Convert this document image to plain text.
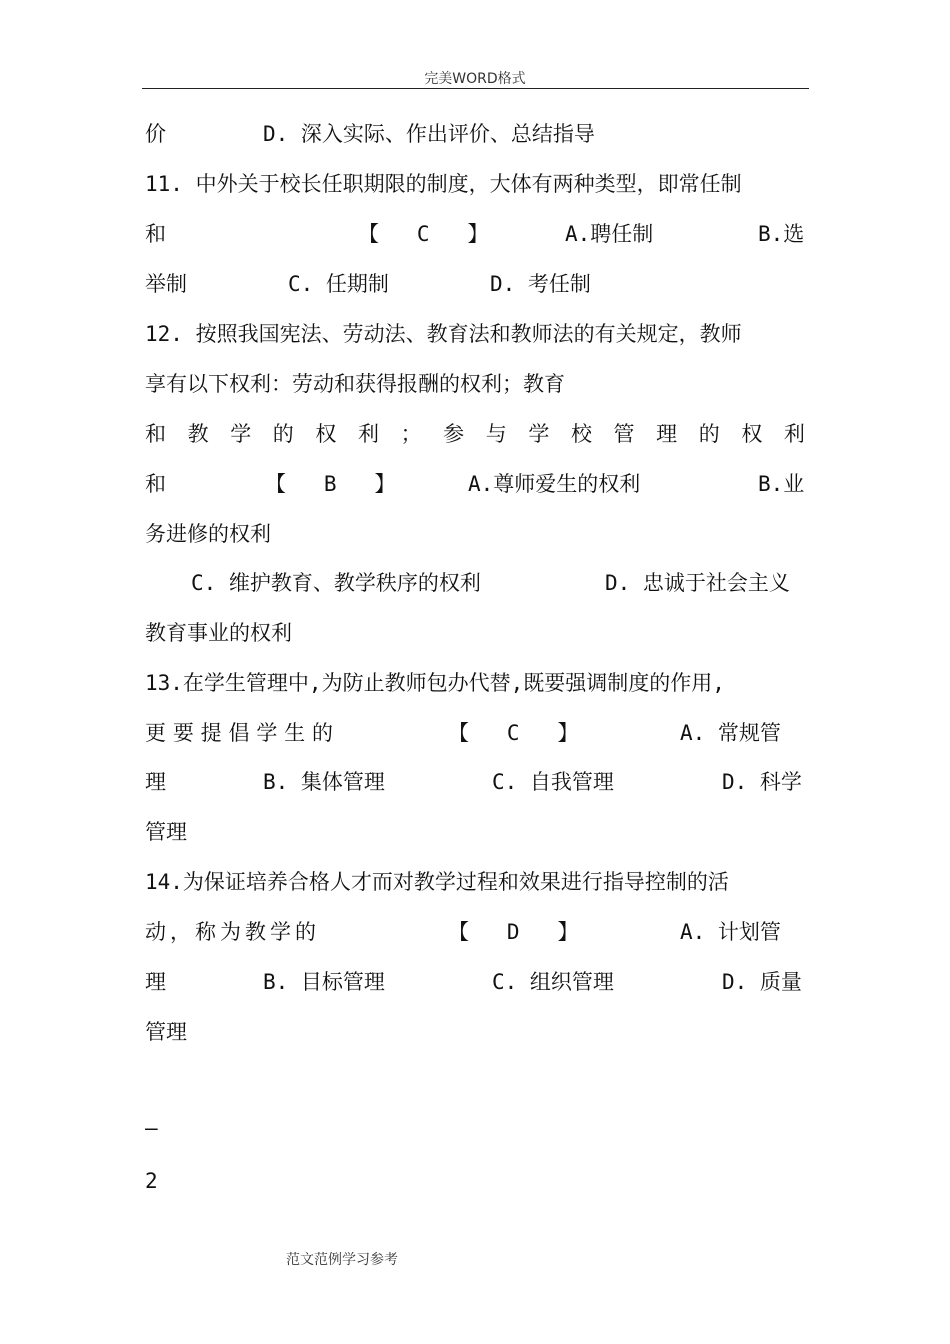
完美WORD格式

价

	D. 深入实际、作出评价、总结指导

11. 中外关于校长任职期限的制度，大体有两种类型，即常任制

和

	【   C   】

	A.聘任制

	B.选

举制

	C. 任期制

	D. 考任制

12. 按照我国宪法、劳动法、教育法和教师法的有关规定，教师
享有以下权利：劳动和获得报酬的权利；教育
和 教 学 的 权 利 ； 参 与 学 校 管 理 的 权 利

和

	【   B   】

	A.尊师爱生的权利

	B.业

务进修的权利

C. 维护教育、教学秩序的权利

	D. 忠诚于社会主义

教育事业的权利
13.在学生管理中,为防止教师包办代替,既要强调制度的作用,

更 要 提 倡 学 生 的

	【   C   】

	A. 常规管

理

	B. 集体管理

	C. 自我管理

	D. 科学

管理
14.为保证培养合格人才而对教学过程和效果进行指导控制的活

动，称为教学的

	【   D   】

	A. 计划管

理

	B. 目标管理

	C. 组织管理

	D. 质量

管理
–
2
范文范例学习参考
